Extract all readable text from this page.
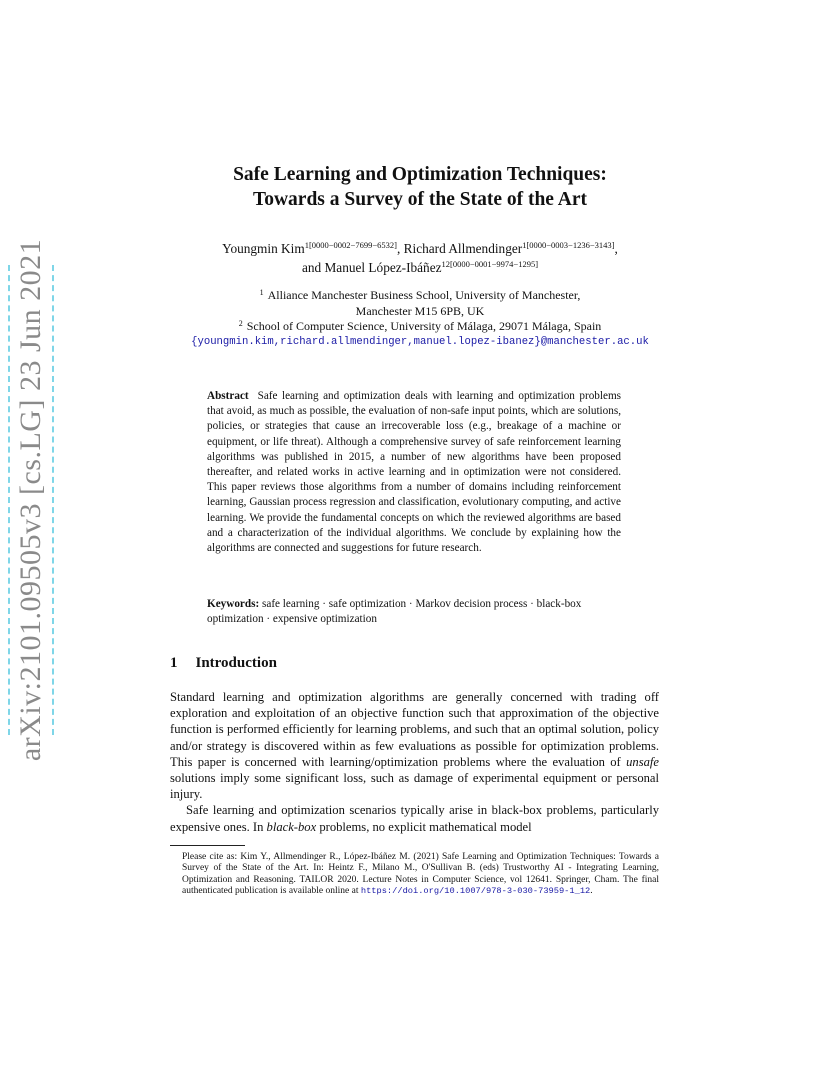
arXiv:2101.09505v3 [cs.LG] 23 Jun 2021
Safe Learning and Optimization Techniques:
Towards a Survey of the State of the Art
Youngmin Kim$^{1[0000-0002-7699-6532]}$, Richard Allmendinger$^{1[0000-0003-1236-3143]}$,
and Manuel López-Ibáñez$^{12[0000-0001-9974-1295]}$
$^1$ Alliance Manchester Business School, University of Manchester,
Manchester M15 6PB, UK
$^2$ School of Computer Science, University of Málaga, 29071 Málaga, Spain
{youngmin.kim,richard.allmendinger,manuel.lopez-ibanez}@manchester.ac.uk
Abstract Safe learning and optimization deals with learning and optimization problems that avoid, as much as possible, the evaluation of non-safe input points, which are solutions, policies, or strategies that cause an irrecoverable loss (e.g., breakage of a machine or equipment, or life threat). Although a comprehensive survey of safe reinforcement learning algorithms was published in 2015, a number of new algorithms have been proposed thereafter, and related works in active learning and in optimization were not considered. This paper reviews those algorithms from a number of domains including reinforcement learning, Gaussian process regression and classification, evolutionary computing, and active learning. We provide the fundamental concepts on which the reviewed algorithms are based and a characterization of the individual algorithms. We conclude by explaining how the algorithms are connected and suggestions for future research.
Keywords: safe learning · safe optimization · Markov decision process · black-box optimization · expensive optimization
1 Introduction

Standard learning and optimization algorithms are generally concerned with trading off exploration and exploitation of an objective function such that approximation of the objective function is performed efficiently for learning problems, and such that an optimal solution, policy and/or strategy is discovered within as few evaluations as possible for optimization problems. This paper is concerned with learning/optimization problems where the evaluation of unsafe solutions imply some significant loss, such as damage of experimental equipment or personal injury.

Safe learning and optimization scenarios typically arise in black-box problems, particularly expensive ones. In black-box problems, no explicit mathematical model

Please cite as: Kim Y., Allmendinger R., López-Ibáñez M. (2021) Safe Learning and Optimization Techniques: Towards a Survey of the State of the Art. In: Heintz F., Milano M., O'Sullivan B. (eds) Trustworthy AI - Integrating Learning, Optimization and Reasoning. TAILOR 2020. Lecture Notes in Computer Science, vol 12641. Springer, Cham. The final authenticated publication is available online at https://doi.org/10.1007/978-3-030-73959-1_12.
